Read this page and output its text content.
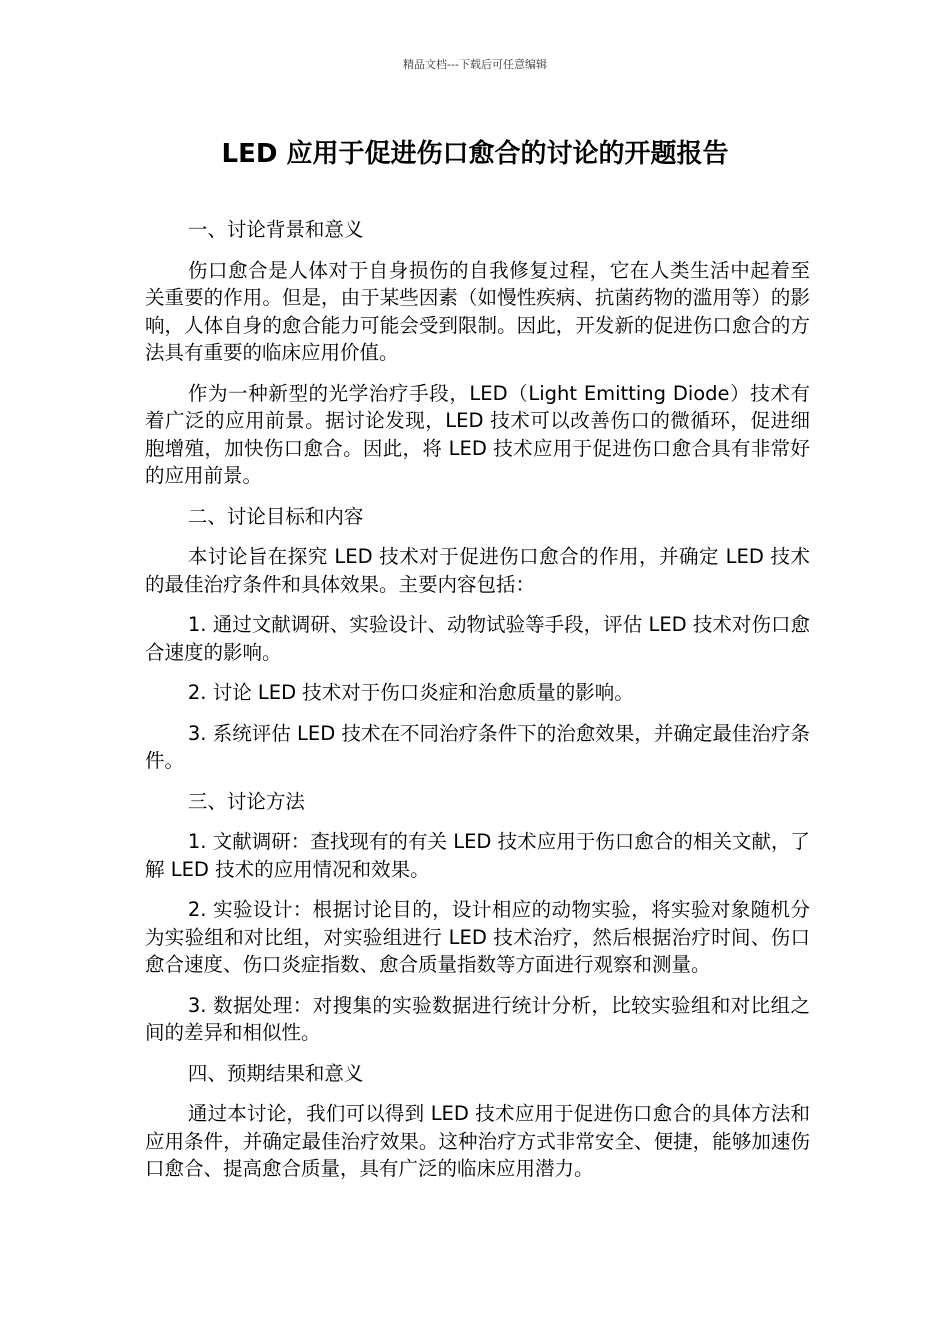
精品文档---下载后可任意编辑
LED 应用于促进伤口愈合的讨论的开题报告

一、讨论背景和意义

伤口愈合是人体对于自身损伤的自我修复过程，它在人类生活中起着至关重要的作用。但是，由于某些因素（如慢性疾病、抗菌药物的滥用等）的影响，人体自身的愈合能力可能会受到限制。因此，开发新的促进伤口愈合的方法具有重要的临床应用价值。

作为一种新型的光学治疗手段，LED（Light Emitting Diode）技术有着广泛的应用前景。据讨论发现，LED 技术可以改善伤口的微循环，促进细胞增殖，加快伤口愈合。因此，将 LED 技术应用于促进伤口愈合具有非常好的应用前景。

二、讨论目标和内容

本讨论旨在探究 LED 技术对于促进伤口愈合的作用，并确定 LED 技术的最佳治疗条件和具体效果。主要内容包括：

1. 通过文献调研、实验设计、动物试验等手段，评估 LED 技术对伤口愈合速度的影响。

2. 讨论 LED 技术对于伤口炎症和治愈质量的影响。

3. 系统评估 LED 技术在不同治疗条件下的治愈效果，并确定最佳治疗条件。

三、讨论方法

1. 文献调研：查找现有的有关 LED 技术应用于伤口愈合的相关文献，了解 LED 技术的应用情况和效果。

2. 实验设计：根据讨论目的，设计相应的动物实验，将实验对象随机分为实验组和对比组，对实验组进行 LED 技术治疗，然后根据治疗时间、伤口愈合速度、伤口炎症指数、愈合质量指数等方面进行观察和测量。

3. 数据处理：对搜集的实验数据进行统计分析，比较实验组和对比组之间的差异和相似性。

四、预期结果和意义

通过本讨论，我们可以得到 LED 技术应用于促进伤口愈合的具体方法和应用条件，并确定最佳治疗效果。这种治疗方式非常安全、便捷，能够加速伤口愈合、提高愈合质量，具有广泛的临床应用潜力。
